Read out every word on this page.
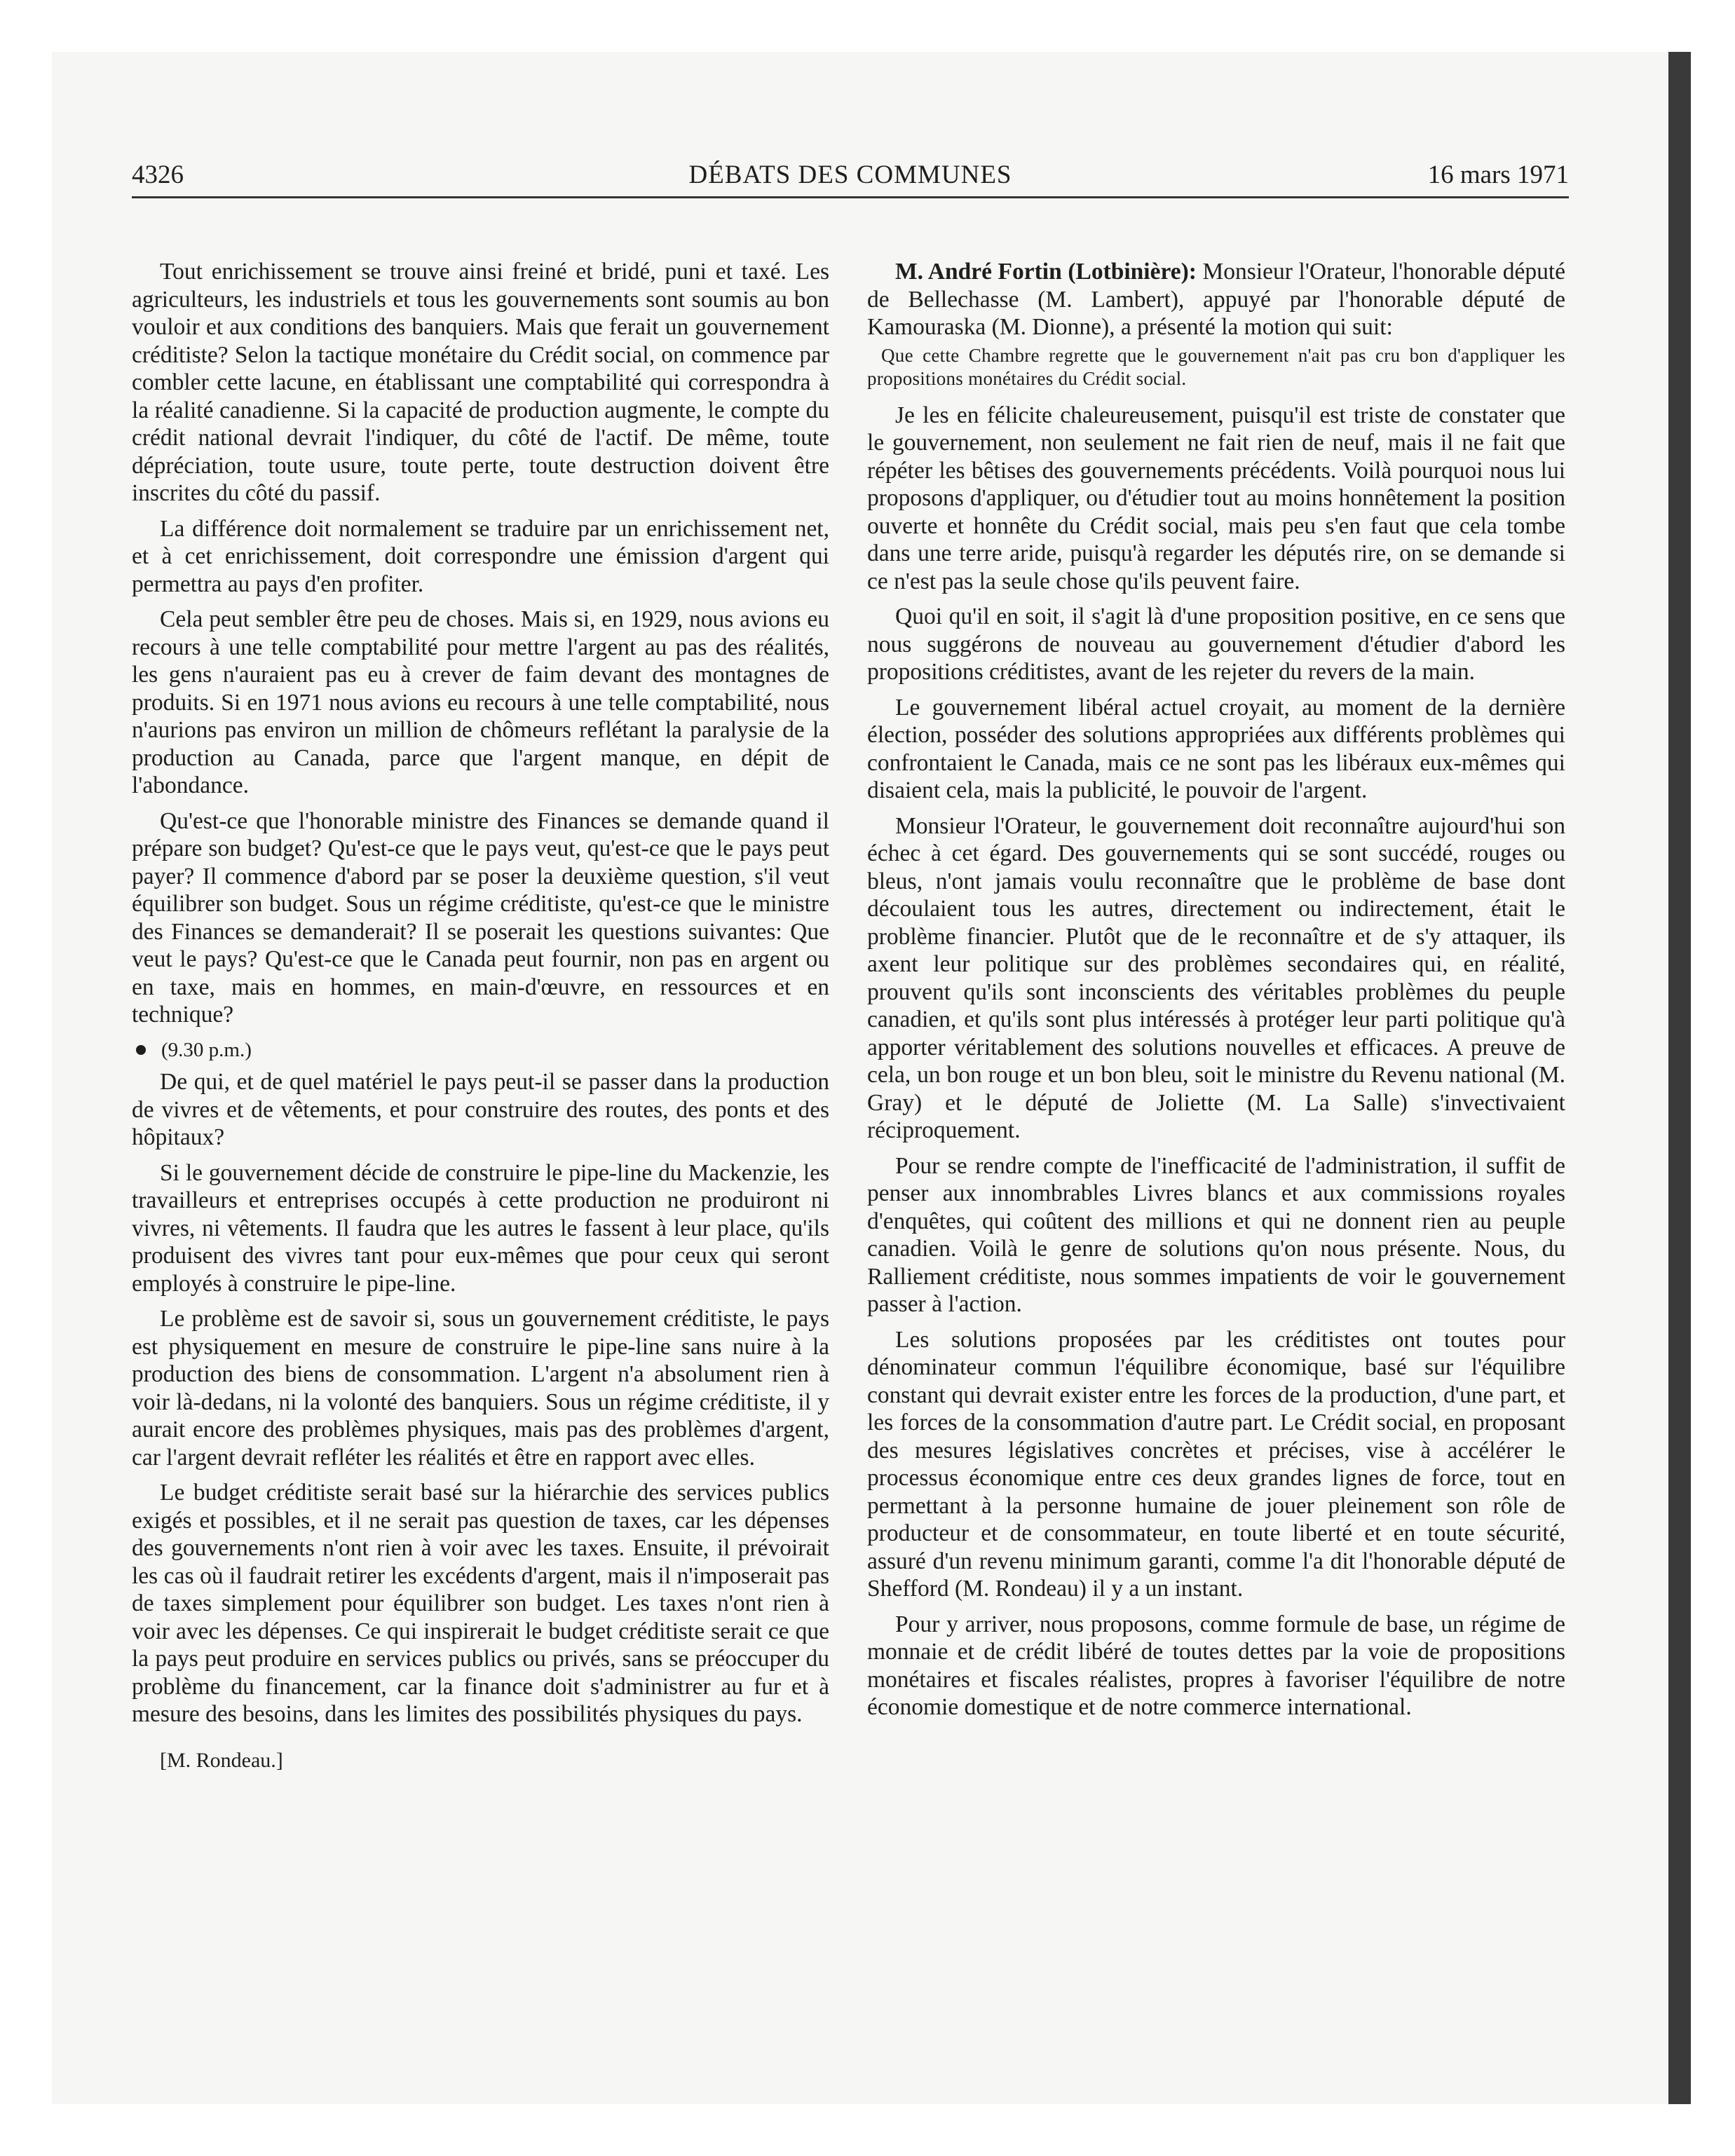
4326	DÉBATS DES COMMUNES	16 mars 1971

Tout enrichissement se trouve ainsi freiné et bridé, puni et taxé. Les agriculteurs, les industriels et tous les gouvernements sont soumis au bon vouloir et aux conditions des banquiers. Mais que ferait un gouvernement créditiste? Selon la tactique monétaire du Crédit social, on commence par combler cette lacune, en établissant une comptabilité qui correspondra à la réalité canadienne. Si la capacité de production augmente, le compte du crédit national devrait l'indiquer, du côté de l'actif. De même, toute dépréciation, toute usure, toute perte, toute destruction doivent être inscrites du côté du passif.

La différence doit normalement se traduire par un enrichissement net, et à cet enrichissement, doit correspondre une émission d'argent qui permettra au pays d'en profiter.

Cela peut sembler être peu de choses. Mais si, en 1929, nous avions eu recours à une telle comptabilité pour mettre l'argent au pas des réalités, les gens n'auraient pas eu à crever de faim devant des montagnes de produits. Si en 1971 nous avions eu recours à une telle comptabilité, nous n'aurions pas environ un million de chômeurs reflétant la paralysie de la production au Canada, parce que l'argent manque, en dépit de l'abondance.

Qu'est-ce que l'honorable ministre des Finances se demande quand il prépare son budget? Qu'est-ce que le pays veut, qu'est-ce que le pays peut payer? Il commence d'abord par se poser la deuxième question, s'il veut équilibrer son budget. Sous un régime créditiste, qu'est-ce que le ministre des Finances se demanderait? Il se poserait les questions suivantes: Que veut le pays? Qu'est-ce que le Canada peut fournir, non pas en argent ou en taxe, mais en hommes, en main-d'œuvre, en ressources et en technique?

(9.30 p.m.)

De qui, et de quel matériel le pays peut-il se passer dans la production de vivres et de vêtements, et pour construire des routes, des ponts et des hôpitaux?

Si le gouvernement décide de construire le pipe-line du Mackenzie, les travailleurs et entreprises occupés à cette production ne produiront ni vivres, ni vêtements. Il faudra que les autres le fassent à leur place, qu'ils produisent des vivres tant pour eux-mêmes que pour ceux qui seront employés à construire le pipe-line.

Le problème est de savoir si, sous un gouvernement créditiste, le pays est physiquement en mesure de construire le pipe-line sans nuire à la production des biens de consommation. L'argent n'a absolument rien à voir là-dedans, ni la volonté des banquiers. Sous un régime créditiste, il y aurait encore des problèmes physiques, mais pas des problèmes d'argent, car l'argent devrait refléter les réalités et être en rapport avec elles.

Le budget créditiste serait basé sur la hiérarchie des services publics exigés et possibles, et il ne serait pas question de taxes, car les dépenses des gouvernements n'ont rien à voir avec les taxes. Ensuite, il prévoirait les cas où il faudrait retirer les excédents d'argent, mais il n'imposerait pas de taxes simplement pour équilibrer son budget. Les taxes n'ont rien à voir avec les dépenses. Ce qui inspirerait le budget créditiste serait ce que la pays peut produire en services publics ou privés, sans se préoccuper du problème du financement, car la finance doit s'administrer au fur et à mesure des besoins, dans les limites des possibilités physiques du pays.

[M. Rondeau.]

M. André Fortin (Lotbinière): Monsieur l'Orateur, l'honorable député de Bellechasse (M. Lambert), appuyé par l'honorable député de Kamouraska (M. Dionne), a présenté la motion qui suit:

Que cette Chambre regrette que le gouvernement n'ait pas cru bon d'appliquer les propositions monétaires du Crédit social.

Je les en félicite chaleureusement, puisqu'il est triste de constater que le gouvernement, non seulement ne fait rien de neuf, mais il ne fait que répéter les bêtises des gouvernements précédents. Voilà pourquoi nous lui proposons d'appliquer, ou d'étudier tout au moins honnêtement la position ouverte et honnête du Crédit social, mais peu s'en faut que cela tombe dans une terre aride, puisqu'à regarder les députés rire, on se demande si ce n'est pas la seule chose qu'ils peuvent faire.

Quoi qu'il en soit, il s'agit là d'une proposition positive, en ce sens que nous suggérons de nouveau au gouvernement d'étudier d'abord les propositions créditistes, avant de les rejeter du revers de la main.

Le gouvernement libéral actuel croyait, au moment de la dernière élection, posséder des solutions appropriées aux différents problèmes qui confrontaient le Canada, mais ce ne sont pas les libéraux eux-mêmes qui disaient cela, mais la publicité, le pouvoir de l'argent.

Monsieur l'Orateur, le gouvernement doit reconnaître aujourd'hui son échec à cet égard. Des gouvernements qui se sont succédé, rouges ou bleus, n'ont jamais voulu reconnaître que le problème de base dont découlaient tous les autres, directement ou indirectement, était le problème financier. Plutôt que de le reconnaître et de s'y attaquer, ils axent leur politique sur des problèmes secondaires qui, en réalité, prouvent qu'ils sont inconscients des véritables problèmes du peuple canadien, et qu'ils sont plus intéressés à protéger leur parti politique qu'à apporter véritablement des solutions nouvelles et efficaces. A preuve de cela, un bon rouge et un bon bleu, soit le ministre du Revenu national (M. Gray) et le député de Joliette (M. La Salle) s'invectivaient réciproquement.

Pour se rendre compte de l'inefficacité de l'administration, il suffit de penser aux innombrables Livres blancs et aux commissions royales d'enquêtes, qui coûtent des millions et qui ne donnent rien au peuple canadien. Voilà le genre de solutions qu'on nous présente. Nous, du Ralliement créditiste, nous sommes impatients de voir le gouvernement passer à l'action.

Les solutions proposées par les créditistes ont toutes pour dénominateur commun l'équilibre économique, basé sur l'équilibre constant qui devrait exister entre les forces de la production, d'une part, et les forces de la consommation d'autre part. Le Crédit social, en proposant des mesures législatives concrètes et précises, vise à accélérer le processus économique entre ces deux grandes lignes de force, tout en permettant à la personne humaine de jouer pleinement son rôle de producteur et de consommateur, en toute liberté et en toute sécurité, assuré d'un revenu minimum garanti, comme l'a dit l'honorable député de Shefford (M. Rondeau) il y a un instant.

Pour y arriver, nous proposons, comme formule de base, un régime de monnaie et de crédit libéré de toutes dettes par la voie de propositions monétaires et fiscales réalistes, propres à favoriser l'équilibre de notre économie domestique et de notre commerce international.
